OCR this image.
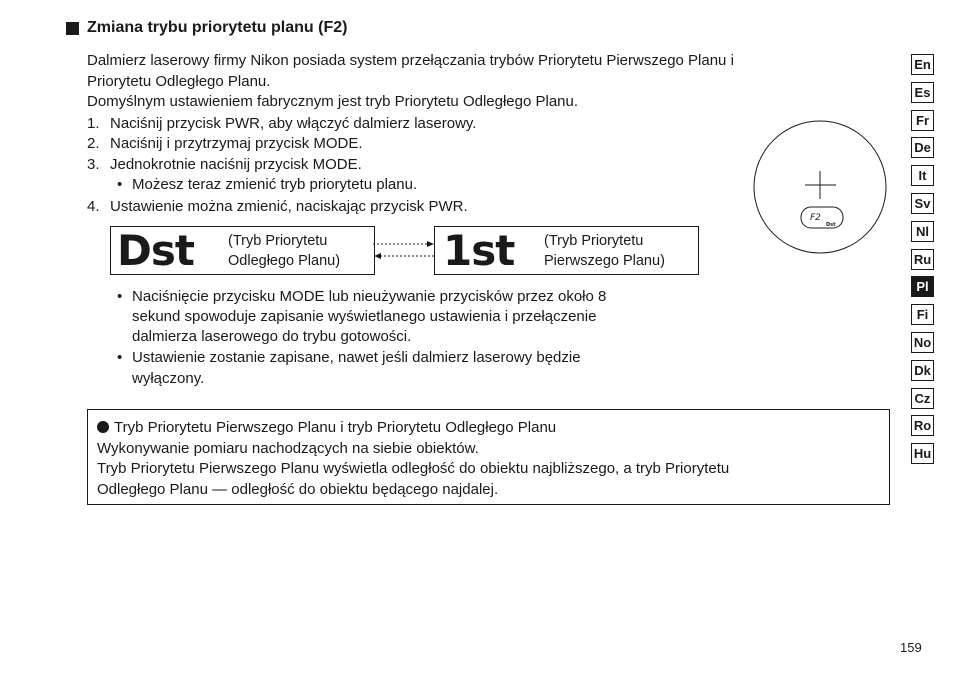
Zmiana trybu priorytetu planu (F2)
Dalmierz laserowy firmy Nikon posiada system przełączania trybów Priorytetu Pierwszego Planu i
Priorytetu Odległego Planu.
Domyślnym ustawieniem fabrycznym jest tryb Priorytetu Odległego Planu.
1. Naciśnij przycisk PWR, aby włączyć dalmierz laserowy.
2. Naciśnij i przytrzymaj przycisk MODE.
3. Jednokrotnie naciśnij przycisk MODE.
• Możesz teraz zmienić tryb priorytetu planu.
4. Ustawienie można zmienić, naciskając przycisk PWR.
Dst (Tryb Priorytetu
Odległego Planu) 1st (Tryb Priorytetu
Pierwszego Planu)
F2
Dst
• Naciśnięcie przycisku MODE lub nieużywanie przycisków przez około 8
sekund spowoduje zapisanie wyświetlanego ustawienia i przełączenie
dalmierza laserowego do trybu gotowości.
• Ustawienie zostanie zapisane, nawet jeśli dalmierz laserowy będzie
wyłączony.
Tryb Priorytetu Pierwszego Planu i tryb Priorytetu Odległego Planu
Wykonywanie pomiaru nachodzących na siebie obiektów.
Tryb Priorytetu Pierwszego Planu wyświetla odległość do obiektu najbliższego, a tryb Priorytetu
Odległego Planu — odległość do obiektu będącego najdalej.
En
Es
Fr
De
It
Sv
Nl
Ru
Pl
Fi
No
Dk
Cz
Ro
Hu
159
